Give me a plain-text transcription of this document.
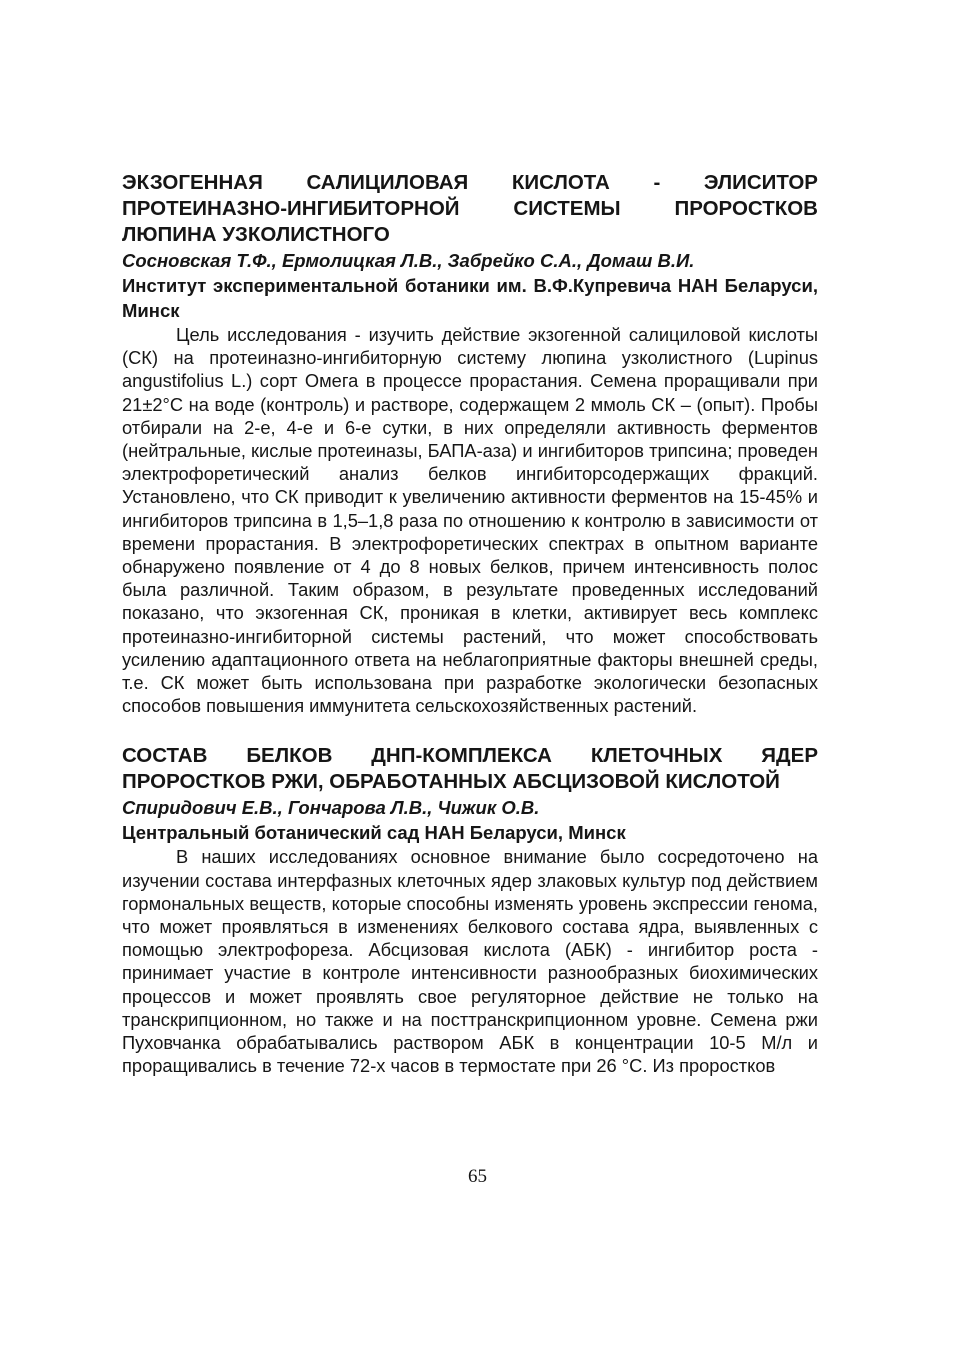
ЭКЗОГЕННАЯ САЛИЦИЛОВАЯ КИСЛОТА - ЭЛИСИТОР ПРОТЕИНАЗНО-ИНГИБИТОРНОЙ СИСТЕМЫ ПРОРОСТКОВ ЛЮПИНА УЗКОЛИСТНОГО

Сосновская Т.Ф., Ермолицкая Л.В., Забрейко С.А., Домаш В.И.

Институт экспериментальной ботаники им. В.Ф.Купревича НАН Беларуси, Минск

Цель исследования - изучить действие экзогенной салициловой кислоты (СК) на протеиназно-ингибиторную систему люпина узколистного (Lupinus angustifolius L.) сорт Омега в процессе прорастания. Семена проращивали при 21±2°С на воде (контроль) и растворе, содержащем 2 ммоль СК – (опыт). Пробы отбирали на 2-е, 4-е и 6-е сутки, в них определяли активность ферментов (нейтральные, кислые протеиназы, БАПА-аза) и ингибиторов трипсина; проведен электрофоретический анализ белков ингибиторсодержащих фракций. Установлено, что СК приводит к увеличению активности ферментов на 15-45% и ингибиторов трипсина в 1,5–1,8 раза по отношению к контролю в зависимости от времени прорастания. В электрофоретических спектрах в опытном варианте обнаружено появление от 4 до 8 новых белков, причем интенсивность полос была различной. Таким образом, в результате проведенных исследований показано, что экзогенная СК, проникая в клетки, активирует весь комплекс протеиназно-ингибиторной системы растений, что может способствовать усилению адаптационного ответа на неблагоприятные факторы внешней среды, т.е. СК может быть использована при разработке экологически безопасных способов повышения иммунитета сельскохозяйственных растений.

СОСТАВ БЕЛКОВ ДНП-КОМПЛЕКСА КЛЕТОЧНЫХ ЯДЕР ПРОРОСТКОВ РЖИ, ОБРАБОТАННЫХ АБСЦИЗОВОЙ КИСЛОТОЙ

Спиридович Е.В., Гончарова Л.В., Чижик О.В.

Центральный ботанический сад НАН Беларуси, Минск

В наших исследованиях основное внимание было сосредоточено на изучении состава интерфазных клеточных ядер злаковых культур под действием гормональных веществ, которые способны изменять уровень экспрессии генома, что может проявляться в изменениях белкового состава ядра, выявленных с помощью электрофореза. Абсцизовая кислота (АБК) - ингибитор роста - принимает участие в контроле интенсивности разнообразных биохимических процессов и может проявлять свое регуляторное действие не только на транскрипционном, но также и на посттранскрипционном уровне. Семена ржи Пуховчанка обрабатывались раствором АБК в концентрации 10-5 М/л и проращивались в течение 72-х часов в термостате при 26 °С. Из проростков

65
